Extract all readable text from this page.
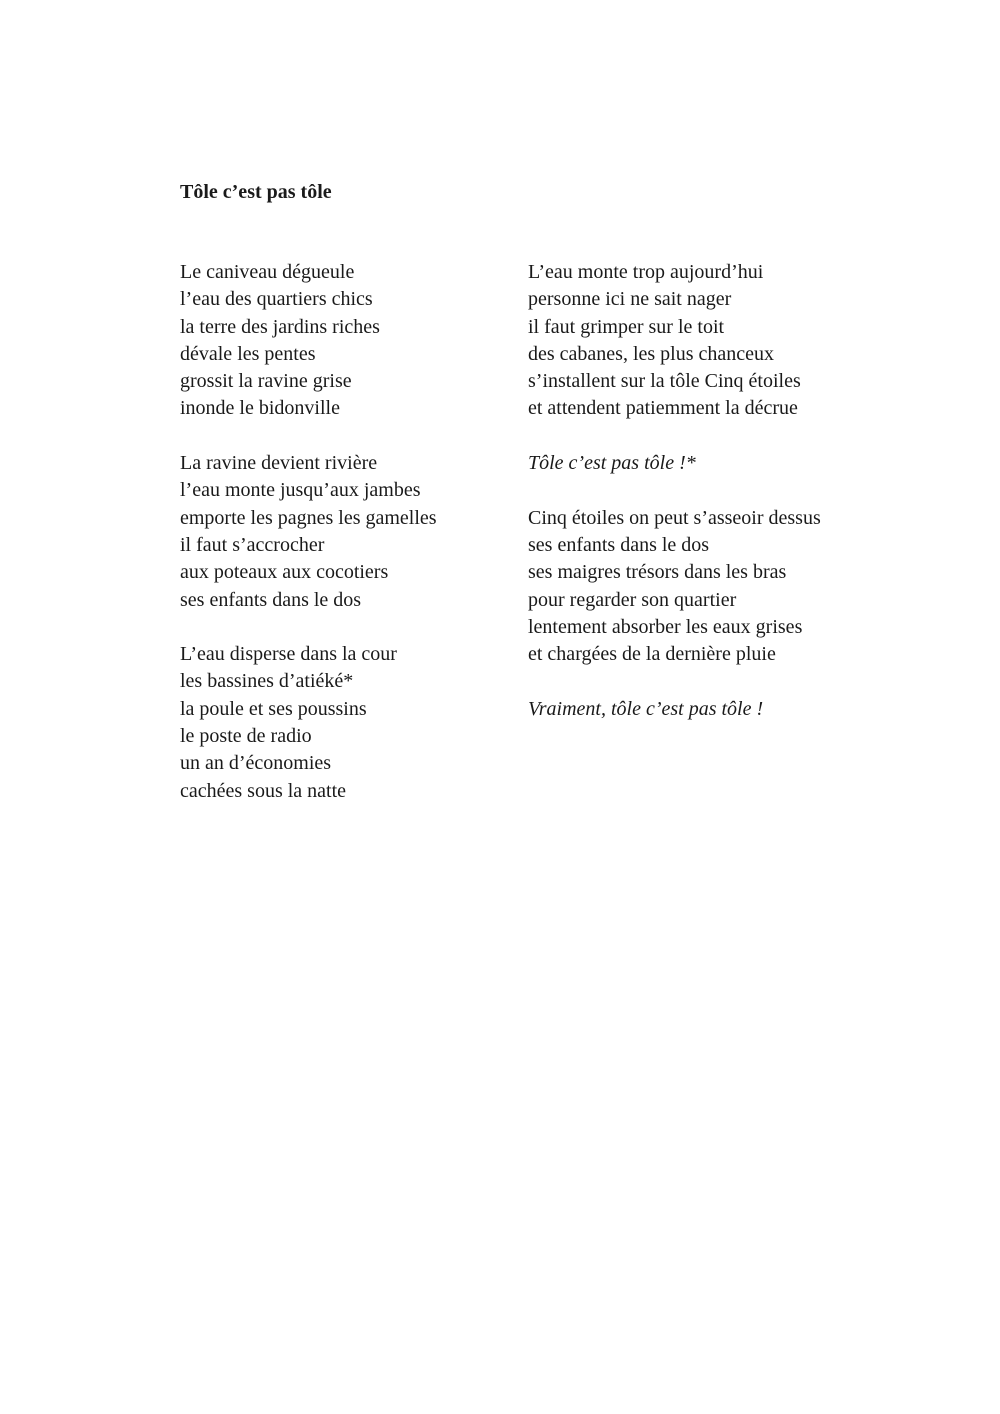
Tôle c’est pas tôle
Le caniveau dégueule
l’eau des quartiers chics
la terre des jardins riches
dévale les pentes
grossit la ravine grise
inonde le bidonville
La ravine devient rivière
l’eau monte jusqu’aux jambes
emporte les pagnes les gamelles
il faut s’accrocher
aux poteaux aux cocotiers
ses enfants dans le dos
L’eau disperse dans la cour
les bassines d’atiéké*
la poule et ses poussins
le poste de radio
un an d’économies
cachées sous la natte
L’eau monte trop aujourd’hui
personne ici ne sait nager
il faut grimper sur le toit
des cabanes, les plus chanceux
s’installent sur la tôle Cinq étoiles
et attendent patiemment la décrue
Tôle c’est pas tôle !*
Cinq étoiles on peut s’asseoir dessus
ses enfants dans le dos
ses maigres trésors dans les bras
pour regarder son quartier
lentement absorber les eaux grises
et chargées de la dernière pluie
Vraiment, tôle c’est pas tôle !
